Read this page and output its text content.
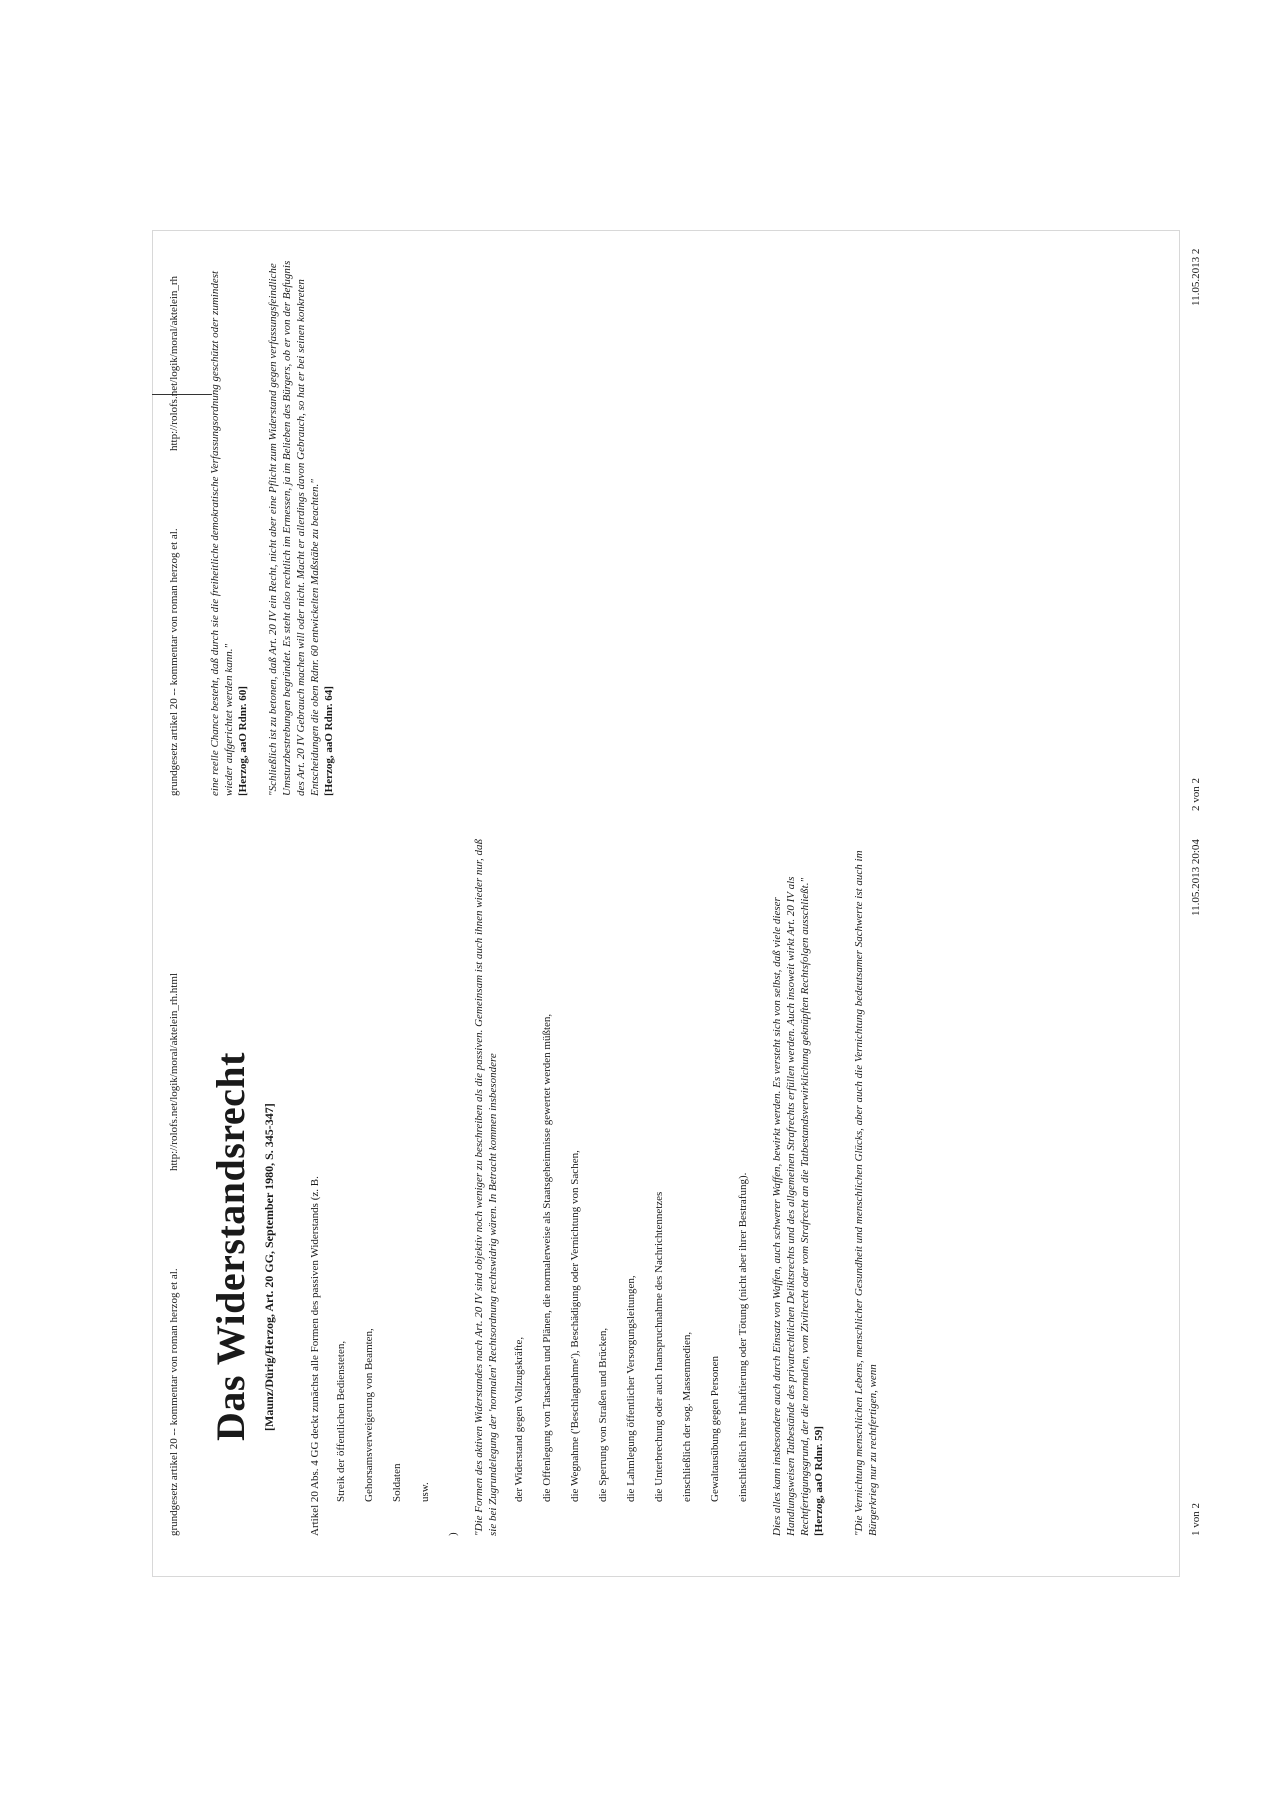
grundgesetz artikel 20 -- kommentar von roman herzog et al.
http://rolofs.net/logik/moral/aktelein_rh.html
grundgesetz artikel 20 -- kommentar von roman herzog et al.
http://rolofs.net/logik/moral/aktelein_rh
Das Widerstandsrecht [Maunz/Dürig/Herzog, Art. 20 GG, September 1980, S. 345-347]	Artikel 20 Abs. 4 GG deckt zunächst alle Formen des passiven Widerstands (z. B. Streik der öffentlichen Bediensteten, Gehorsamsverweigerung von Beamten, Soldaten usw.

) "Die Formen des aktiven Widerstandes nach Art. 20 IV sind objektiv noch weniger zu beschreiben als die passiven. Gemeinsam ist auch ihnen wieder nur, daß sie bei Zugrundelegung der 'normalen' Rechtsordnung rechtswidrig wären. In Betracht kommen insbesondere der Widerstand gegen Vollzugskräfte, die Offenlegung von Tatsachen und Plänen, die normalerweise als Staatsgeheimnisse gewertet werden müßten, die Wegnahme ('Beschlagnahme'), Beschädigung oder Vernichtung von Sachen, die Sperrung von Straßen und Brücken, die Lahmlegung öffentlicher Versorgungsleitungen, die Unterbrechung oder auch Inanspruchnahme des Nachrichtennetzes einschließlich der sog. Massenmedien, Gewaltausübung gegen Personen einschließlich ihrer Inhaftierung oder Tötung (nicht aber ihrer Bestrafung). Dies alles kann insbesondere auch durch Einsatz von Waffen, auch schwerer Waffen, bewirkt werden. Es versteht sich von selbst, daß viele dieser Handlungsweisen Tatbestände des privatrechtlichen Deliktsrechts und des allgemeinen Strafrechts erfüllen werden. Auch insoweit wirkt Art. 20 IV als Rechtfertigungsgrund, der die normalen, vom Zivilrecht oder vom Strafrecht an die Tatbestandsverwirklichung geknüpften Rechtsfolgen ausschließt." [Herzog, aaO Rdnr. 59]	"Die Vernichtung menschlichen Lebens, menschlicher Gesundheit und menschlichen Glücks, aber auch die Vernichtung bedeutsamer Sachwerte ist auch im Bürgerkrieg nur zu rechtfertigen, wenn

eine reelle Chance besteht, daß durch sie die freiheitliche demokratische Verfassungsordnung geschützt oder zumindest wieder aufgerichtet werden kann." [Herzog, aaO Rdnr. 60] "Schließlich ist zu betonen, daß Art. 20 IV ein Recht, nicht aber eine Pflicht zum Widerstand gegen verfassungsfeindliche Umsturzbestrebungen begründet. Es steht also rechtlich im Ermessen, ja im Belieben des Bürgers, ob er von der Befugnis des Art. 20 IV Gebrauch machen will oder nicht. Macht er allerdings davon Gebrauch, so hat er bei seinen konkreten Entscheidungen die oben Rdnr. 60 entwickelten Maßstäbe zu beachten." [Herzog, aaO Rdnr. 64]

1 von 2
11.05.2013 20:04
2 von 2
11.05.2013 2
